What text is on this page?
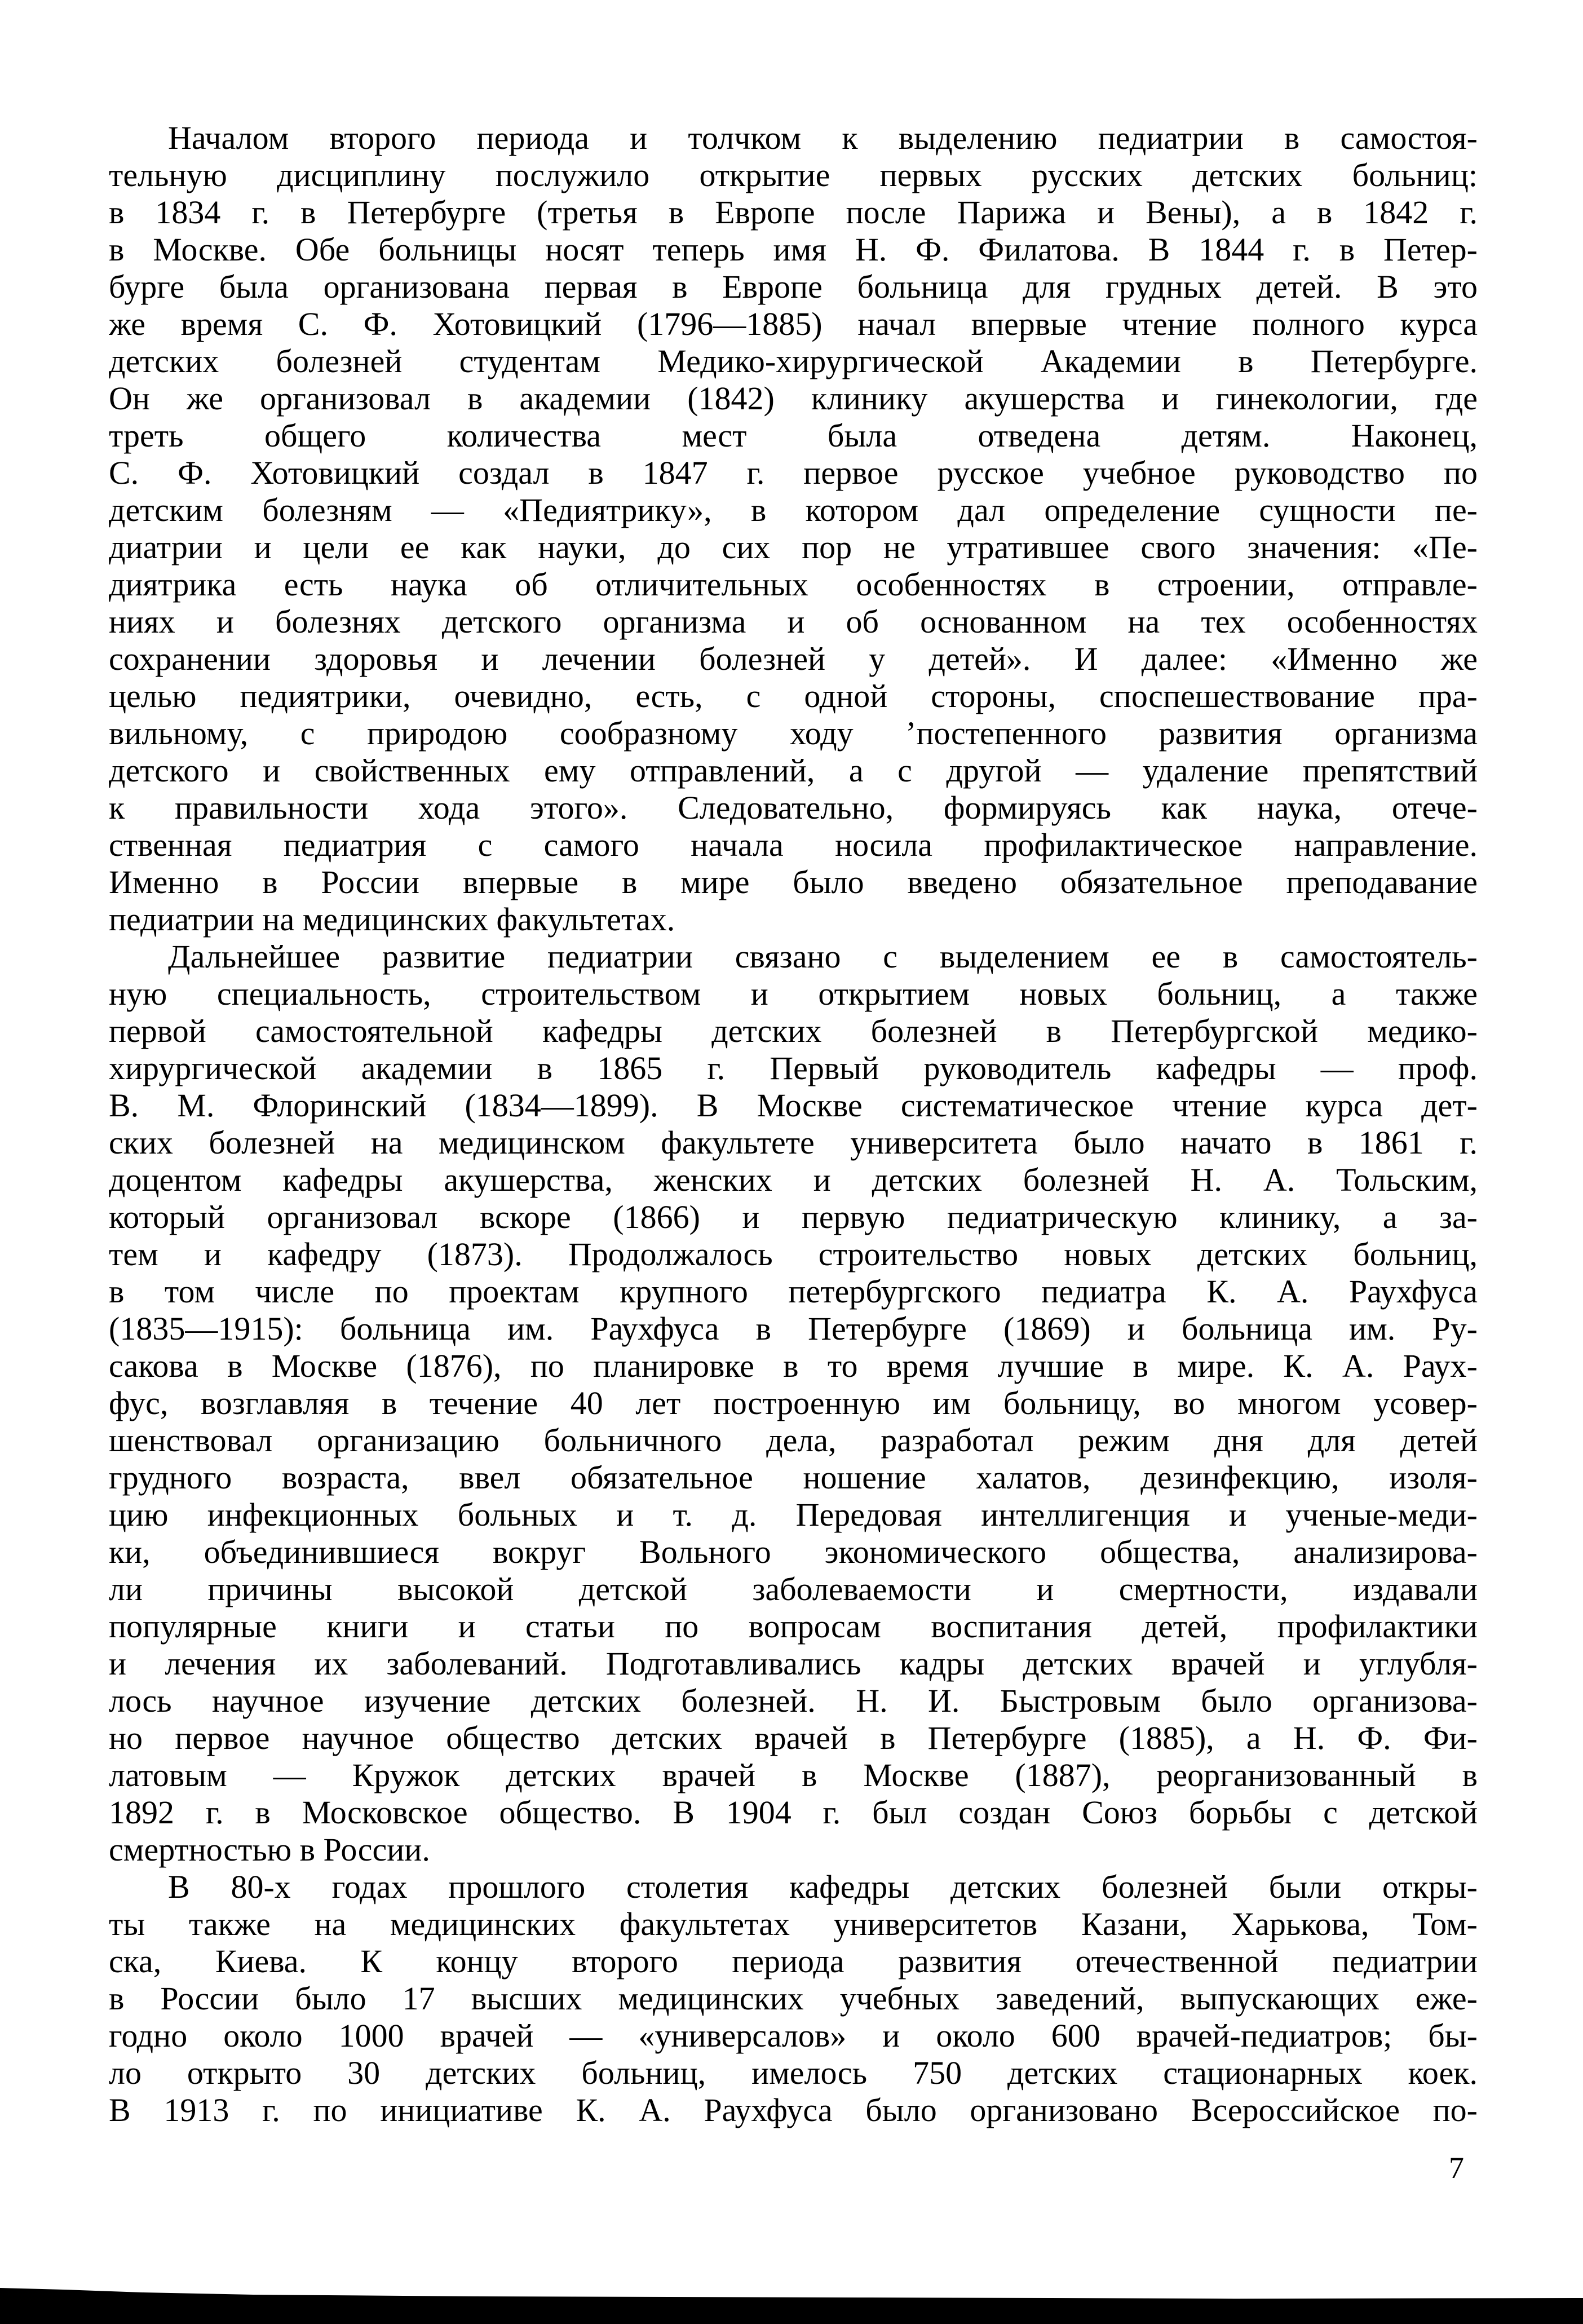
Началом второго периода и толчком к выделению педиатрии в самостоя-
тельную дисциплину послужило открытие первых русских детских больниц:
в 1834 г. в Петербурге (третья в Европе после Парижа и Вены), а в 1842 г.
в Москве. Обе больницы носят теперь имя Н. Ф. Филатова. В 1844 г. в Петер-
бурге была организована первая в Европе больница для грудных детей. В это
же время С. Ф. Хотовицкий (1796—1885) начал впервые чтение полного курса
детских болезней студентам Медико-хирургической Академии в Петербурге.
Он же организовал в академии (1842) клинику акушерства и гинекологии, где
треть общего количества мест была отведена детям. Наконец,
С. Ф. Хотовицкий создал в 1847 г. первое русское учебное руководство по
детским болезням — «Педиятрику», в котором дал определение сущности пе-
диатрии и цели ее как науки, до сих пор не утратившее свого значения: «Пе-
диятрика есть наука об отличительных особенностях в строении, отправле-
ниях и болезнях детского организма и об основанном на тех особенностях
сохранении здоровья и лечении болезней у детей». И далее: «Именно же
целью педиятрики, очевидно, есть, с одной стороны, споспешествование пра-
вильному, с природою сообразному ходу ʼпостепенного развития организма
детского и свойственных ему отправлений, а с другой — удаление препятствий
к правильности хода этого». Следовательно, формируясь как наука, отече-
ственная педиатрия с самого начала носила профилактическое направление.
Именно в России впервые в мире было введено обязательное преподавание
педиатрии на медицинских факультетах.
Дальнейшее развитие педиатрии связано с выделением ее в самостоятель-
ную специальность, строительством и открытием новых больниц, а также
первой самостоятельной кафедры детских болезней в Петербургской медико-
хирургической академии в 1865 г. Первый руководитель кафедры — проф.
В. М. Флоринский (1834—1899). В Москве систематическое чтение курса дет-
ских болезней на медицинском факультете университета было начато в 1861 г.
доцентом кафедры акушерства, женских и детских болезней Н. А. Тольским,
который организовал вскоре (1866) и первую педиатрическую клинику, а за-
тем и кафедру (1873). Продолжалось строительство новых детских больниц,
в том числе по проектам крупного петербургского педиатра К. А. Раухфуса
(1835—1915): больница им. Раухфуса в Петербурге (1869) и больница им. Ру-
сакова в Москве (1876), по планировке в то время лучшие в мире. К. А. Раух-
фус, возглавляя в течение 40 лет построенную им больницу, во многом усовер-
шенствовал организацию больничного дела, разработал режим дня для детей
грудного возраста, ввел обязательное ношение халатов, дезинфекцию, изоля-
цию инфекционных больных и т. д. Передовая интеллигенция и ученые-меди-
ки, объединившиеся вокруг Вольного экономического общества, анализирова-
ли причины высокой детской заболеваемости и смертности, издавали
популярные книги и статьи по вопросам воспитания детей, профилактики
и лечения их заболеваний. Подготавливались кадры детских врачей и углубля-
лось научное изучение детских болезней. Н. И. Быстровым было организова-
но первое научное общество детских врачей в Петербурге (1885), а Н. Ф. Фи-
латовым — Кружок детских врачей в Москве (1887), реорганизованный в
1892 г. в Московское общество. В 1904 г. был создан Союз борьбы с детской
смертностью в России.
В 80-х годах прошлого столетия кафедры детских болезней были откры-
ты также на медицинских факультетах университетов Казани, Харькова, Том-
ска, Киева. К концу второго периода развития отечественной педиатрии
в России было 17 высших медицинских учебных заведений, выпускающих еже-
годно около 1000 врачей — «универсалов» и около 600 врачей-педиатров; бы-
ло открыто 30 детских больниц, имелось 750 детских стационарных коек.
В 1913 г. по инициативе К. А. Раухфуса было организовано Всероссийское по-
7
